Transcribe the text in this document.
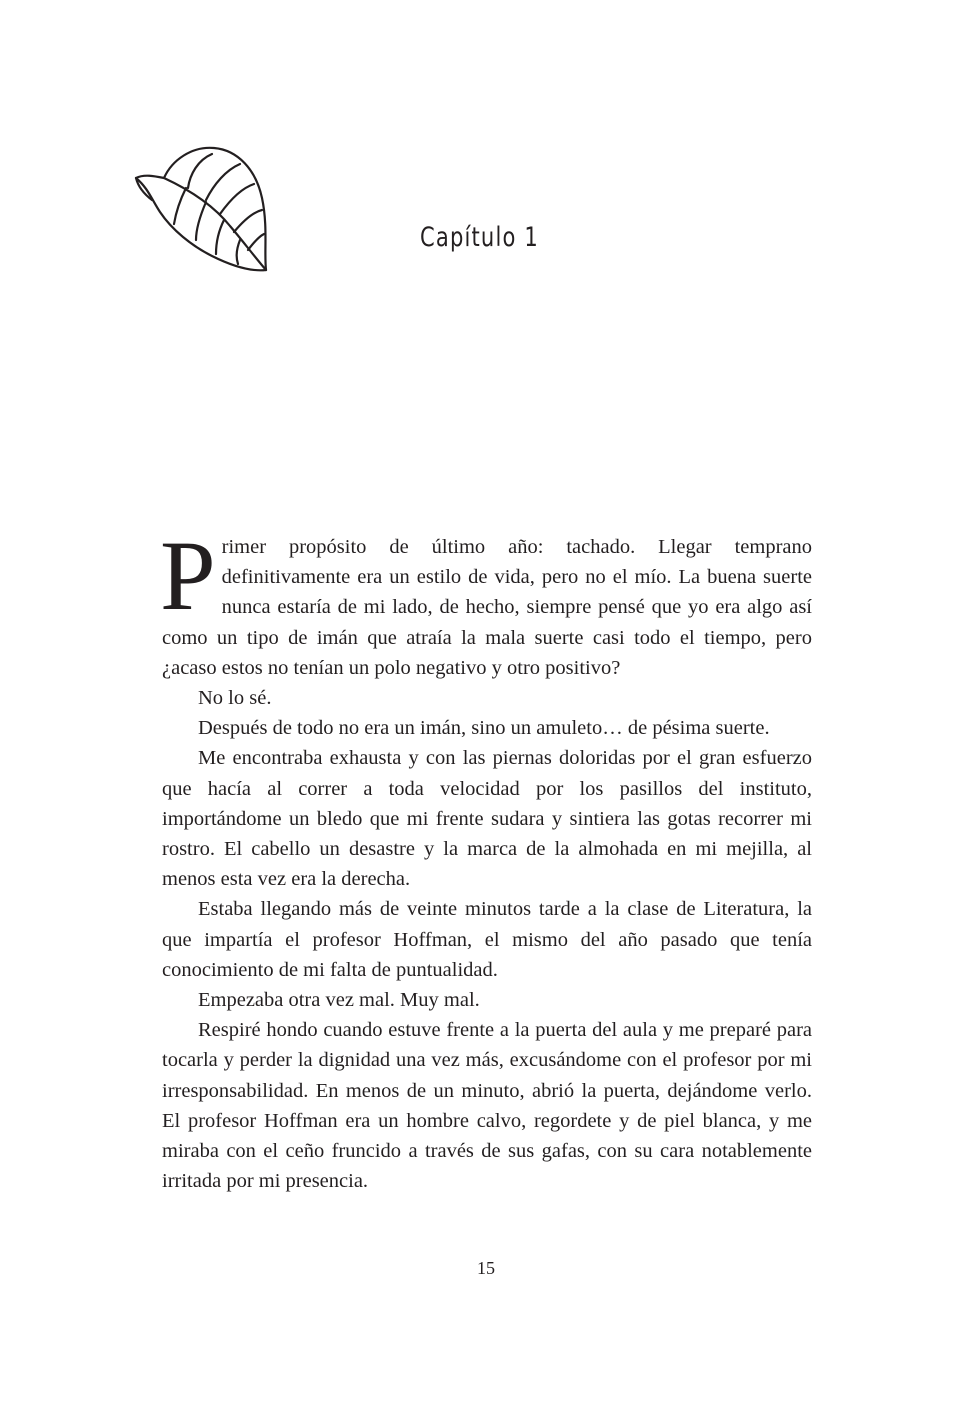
Capítulo 1

Primer propósito de último año: tachado. Llegar temprano definitivamente era un estilo de vida, pero no el mío. La buena suerte nunca estaría de mi lado, de hecho, siempre pensé que yo era algo así como un tipo de imán que atraía la mala suerte casi todo el tiempo, pero ¿acaso estos no tenían un polo negativo y otro positivo?

No lo sé.

Después de todo no era un imán, sino un amuleto… de pésima suerte.

Me encontraba exhausta y con las piernas doloridas por el gran esfuerzo que hacía al correr a toda velocidad por los pasillos del instituto, importándome un bledo que mi frente sudara y sintiera las gotas recorrer mi rostro. El cabello un desastre y la marca de la almohada en mi mejilla, al menos esta vez era la derecha.

Estaba llegando más de veinte minutos tarde a la clase de Literatura, la que impartía el profesor Hoffman, el mismo del año pasado que tenía conocimiento de mi falta de puntualidad.

Empezaba otra vez mal. Muy mal.

Respiré hondo cuando estuve frente a la puerta del aula y me preparé para tocarla y perder la dignidad una vez más, excusándome con el profesor por mi irresponsabilidad. En menos de un minuto, abrió la puerta, dejándome verlo. El profesor Hoffman era un hombre calvo, regordete y de piel blanca, y me miraba con el ceño fruncido a través de sus gafas, con su cara notablemente irritada por mi presencia.

15
